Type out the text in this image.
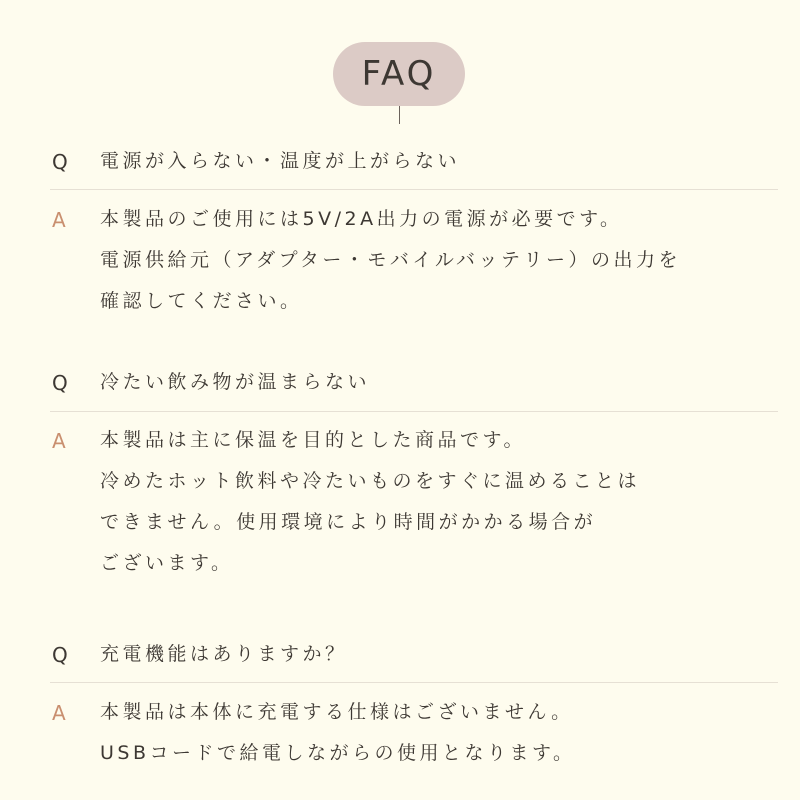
FAQ
Q	電源が入らない・温度が上がらない
A	本製品のご使用には5V/2A出力の電源が必要です。
電源供給元（アダプター・モバイルバッテリー）の出力を
確認してください。
Q	冷たい飲み物が温まらない
A	本製品は主に保温を目的とした商品です。
冷めたホット飲料や冷たいものをすぐに温めることは
できません。使用環境により時間がかかる場合が
ございます。
Q	充電機能はありますか？
A	本製品は本体に充電する仕様はございません。
USBコードで給電しながらの使用となります。
